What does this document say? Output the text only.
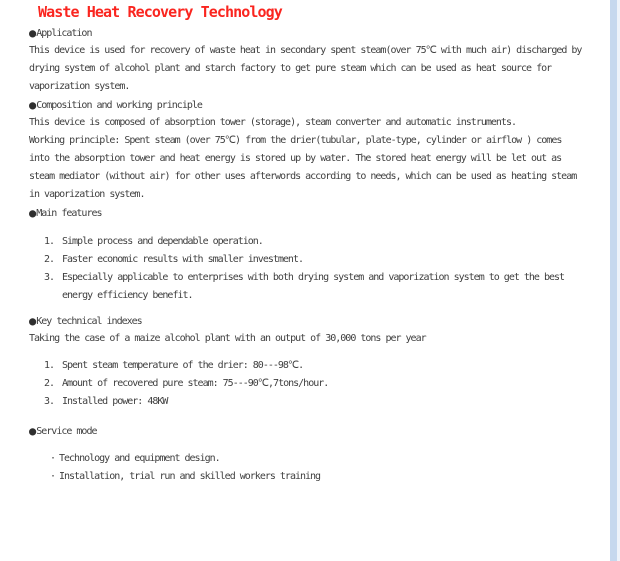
Waste Heat Recovery Technology
●Application
This device is used for recovery of waste heat in secondary spent steam(over 75℃ with much air) discharged by
drying system of alcohol plant and starch factory to get pure steam which can be used as heat source for
vaporization system.
●Composition and working principle
This device is composed of absorption tower (storage), steam converter and automatic instruments.
Working principle: Spent steam (over 75℃) from the drier(tubular, plate-type, cylinder or airflow ) comes
into the absorption tower and heat energy is stored up by water. The stored heat energy will be let out as
steam mediator (without air) for other uses afterwords according to needs, which can be used as heating steam
in vaporization system.
●Main features
1. Simple process and dependable operation.
2. Faster economic results with smaller investment.
3. Especially applicable to enterprises with both drying system and vaporization system to get the best
energy efficiency benefit.
●Key technical indexes
Taking the case of a maize alcohol plant with an output of 30,000 tons per year
1. Spent steam temperature of the drier: 80---98℃.
2. Amount of recovered pure steam: 75---90℃,7tons/hour.
3. Installed power: 48KW
●Service mode
· Technology and equipment design.
· Installation, trial run and skilled workers training
